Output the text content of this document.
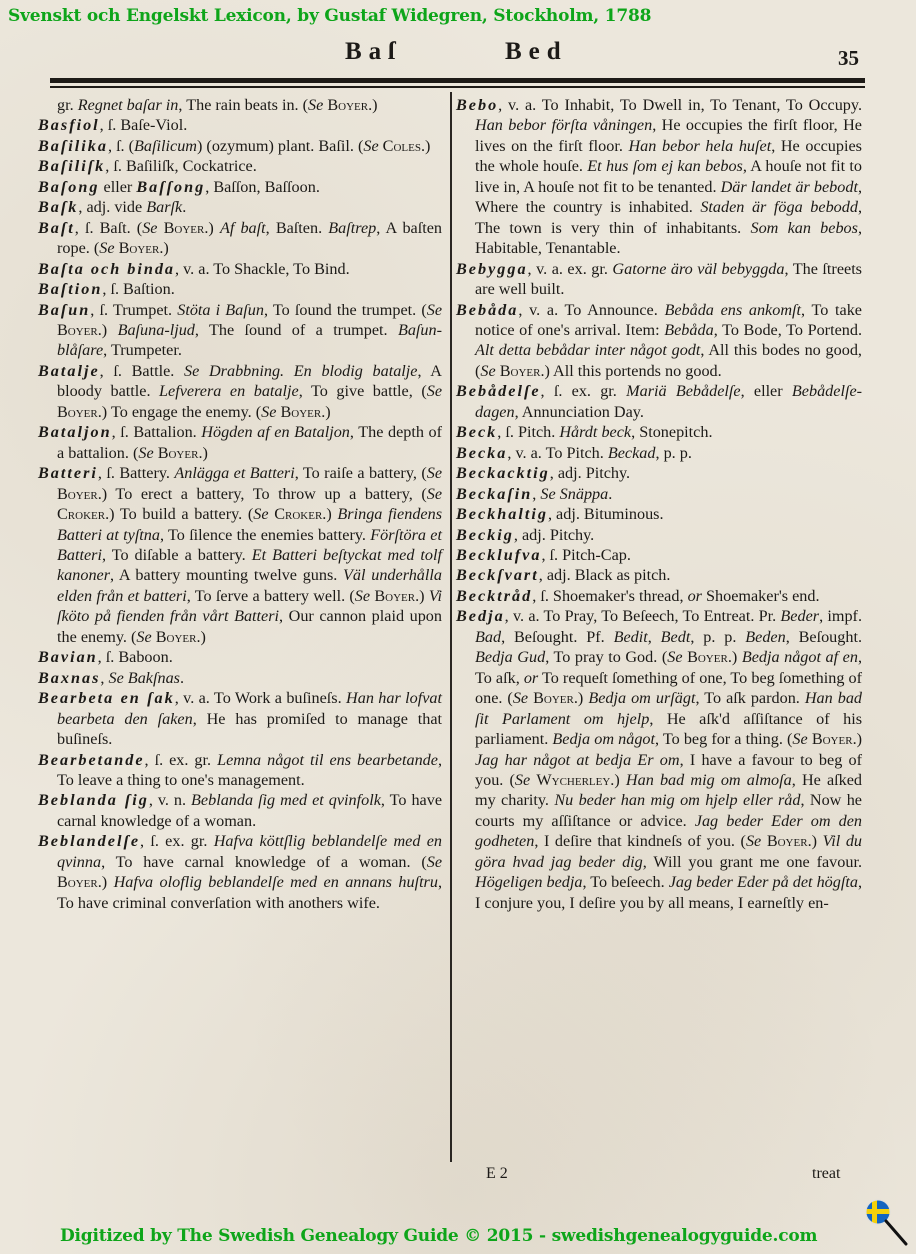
Svenskt och Engelskt Lexicon, by Gustaf Widegren, Stockholm, 1788
Baſ	Bed	35

gr. Regnet baſar in, The rain beats in. (Se Boyer.)

Basfiol, ſ. Baſe-Viol.

Baſilika, ſ. (Baſilicum) (ozymum) plant. Baſil. (Se Coles.)

Baſiliſk, ſ. Baſiliſk, Cockatrice.

Baſong eller Baſſong, Baſſon, Baſſoon.

Baſk, adj. vide Barſk.

Baſt, ſ. Baſt. (Se Boyer.) Af baſt, Baſten. Baſtrep, A baſten rope. (Se Boyer.)

Baſta och binda, v. a. To Shackle, To Bind.

Baſtion, ſ. Baſtion.

Baſun, ſ. Trumpet. Stöta i Baſun, To ſound the trumpet. (Se Boyer.) Baſuna-ljud, The ſound of a trumpet. Baſun-blåſare, Trumpeter.

Batalje, ſ. Battle. Se Drabbning. En blodig batalje, A bloody battle. Lefverera en batalje, To give battle, (Se Boyer.) To engage the enemy. (Se Boyer.)

Bataljon, ſ. Battalion. Högden af en Bataljon, The depth of a battalion. (Se Boyer.)

Batteri, ſ. Battery. Anlägga et Batteri, To raiſe a battery, (Se Boyer.) To erect a battery, To throw up a battery, (Se Croker.) To build a battery. (Se Croker.) Bringa fiendens Batteri at tyſtna, To ſilence the enemies battery. Förſtöra et Batteri, To diſable a battery. Et Batteri beſtyckat med tolf kanoner, A battery mounting twelve guns. Väl underhålla elden från et batteri, To ſerve a battery well. (Se Boyer.) Vi ſköto på fienden från vårt Batteri, Our cannon plaid upon the enemy. (Se Boyer.)

Bavian, ſ. Baboon.

Baxnas, Se Bakſnas.

Bearbeta en ſak, v. a. To Work a buſineſs. Han har lofvat bearbeta den ſaken, He has promiſed to manage that buſineſs.

Bearbetande, ſ. ex. gr. Lemna något til ens bearbetande, To leave a thing to one's management.

Beblanda ſig, v. n. Beblanda ſig med et qvinfolk, To have carnal knowledge of a woman.

Beblandelſe, ſ. ex. gr. Hafva köttſlig beblandelſe med en qvinna, To have carnal knowledge of a woman. (Se Boyer.) Hafva oloflig beblandelſe med en annans huſtru, To have criminal converſation with anothers wife.

Bebo, v. a. To Inhabit, To Dwell in, To Tenant, To Occupy. Han bebor förſta våningen, He occupies the firſt floor, He lives on the firſt floor. Han bebor hela huſet, He occupies the whole houſe. Et hus ſom ej kan bebos, A houſe not fit to live in, A houſe not fit to be tenanted. Där landet är bebodt, Where the country is inhabited. Staden är föga bebodd, The town is very thin of inhabitants. Som kan bebos, Habitable, Tenantable.

Bebygga, v. a. ex. gr. Gatorne äro väl bebyggda, The ſtreets are well built.

Bebåda, v. a. To Announce. Bebåda ens ankomſt, To take notice of one's arrival. Item: Bebåda, To Bode, To Portend. Alt detta bebådar inter något godt, All this bodes no good, (Se Boyer.) All this portends no good.

Bebådelſe, ſ. ex. gr. Mariä Bebådelſe, eller Bebådelſe-dagen, Annunciation Day.

Beck, ſ. Pitch. Hårdt beck, Stonepitch.

Becka, v. a. To Pitch. Beckad, p. p.

Beckacktig, adj. Pitchy.

Beckaſin, Se Snäppa.

Beckhaltig, adj. Bituminous.

Beckig, adj. Pitchy.

Becklufva, ſ. Pitch-Cap.

Beckſvart, adj. Black as pitch.

Becktråd, ſ. Shoemaker's thread, or Shoemaker's end.

Bedja, v. a. To Pray, To Beſeech, To Entreat. Pr. Beder, impf. Bad, Beſought. Pf. Bedit, Bedt, p. p. Beden, Beſought. Bedja Gud, To pray to God. (Se Boyer.) Bedja något af en, To aſk, or To requeſt ſomething of one, To beg ſomething of one. (Se Boyer.) Bedja om urſägt, To aſk pardon. Han bad ſit Parlament om hjelp, He aſk'd aſſiſtance of his parliament. Bedja om något, To beg for a thing. (Se Boyer.) Jag har något at bedja Er om, I have a favour to beg of you. (Se Wycherley.) Han bad mig om almoſa, He aſked my charity. Nu beder han mig om hjelp eller råd, Now he courts my aſſiſtance or advice. Jag beder Eder om den godheten, I deſire that kindneſs of you. (Se Boyer.) Vil du göra hvad jag beder dig, Will you grant me one favour. Högeligen bedja, To beſeech. Jag beder Eder på det högſta, I conjure you, I deſire you by all means, I earneſtly en-

E 2	treat
Digitized by The Swedish Genealogy Guide © 2015 - swedishgenealogyguide.com
